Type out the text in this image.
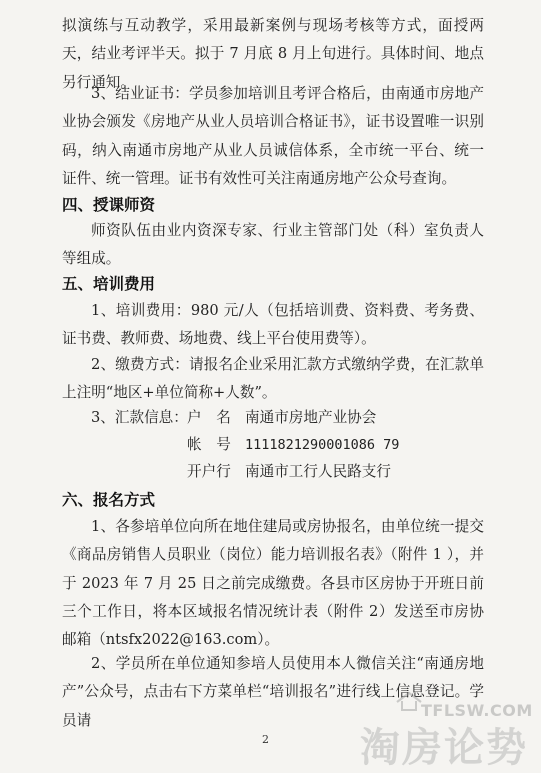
拟演练与互动教学，采用最新案例与现场考核等方式，面授两天，结业考评半天。拟于 7 月底 8 月上旬进行。具体时间、地点另行通知。
3、结业证书：学员参加培训且考评合格后，由南通市房地产业协会颁发《房地产从业人员培训合格证书》，证书设置唯一识别码，纳入南通市房地产从业人员诚信体系，全市统一平台、统一证件、统一管理。证书有效性可关注南通房地产公众号查询。
四、授课师资
师资队伍由业内资深专家、行业主管部门处（科）室负责人等组成。
五、培训费用
1、培训费用：980 元/人（包括培训费、资料费、考务费、证书费、教师费、场地费、线上平台使用费等）。
2、缴费方式：请报名企业采用汇款方式缴纳学费，在汇款单上注明“地区+单位简称+人数”。
3、汇款信息： 户　名 南通市房地产业协会
帐　号 1111821290001086 79
开户行 南通市工行人民路支行
六、报名方式
1、各参培单位向所在地住建局或房协报名，由单位统一提交《商品房销售人员职业（岗位）能力培训报名表》（附件 1 ），并于 2023 年 7 月 25 日之前完成缴费。各县市区房协于开班日前三个工作日，将本区域报名情况统计表（附件 2）发送至市房协邮箱（ntsfx2022@163.com）。
2、学员所在单位通知参培人员使用本人微信关注“南通房地产”公众号，点击右下方菜单栏“培训报名”进行线上信息登记。学员请
2
TFLSW.COM
淘房论势
